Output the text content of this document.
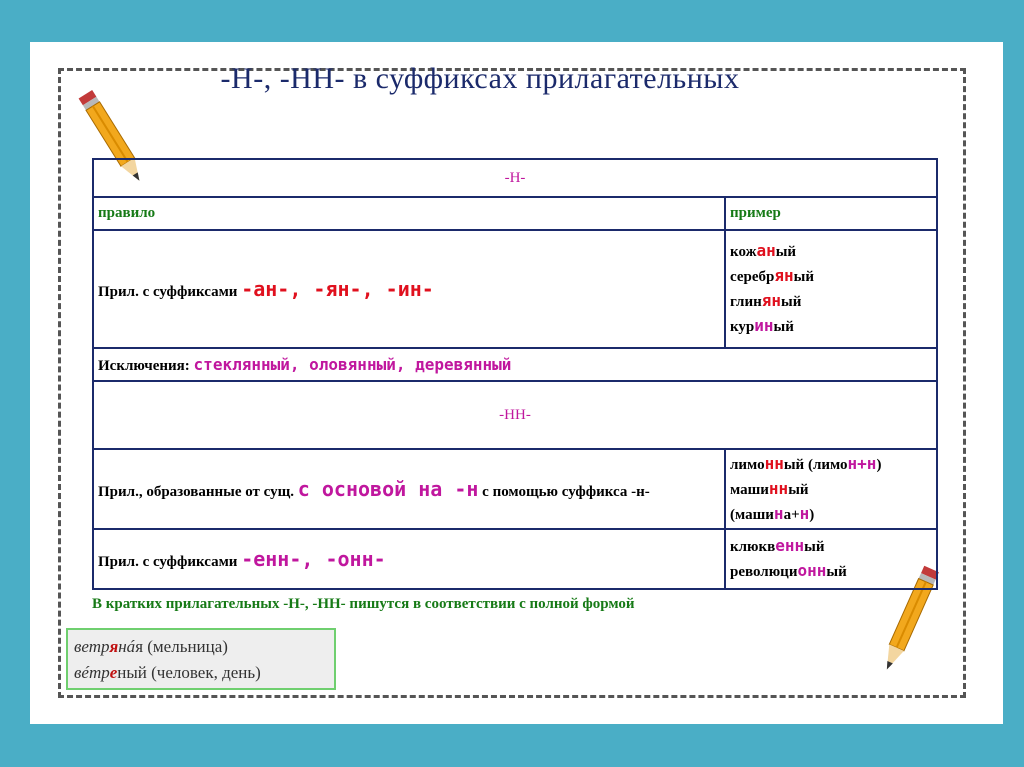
-Н-, -НН- в суффиксах прилагательных
-Н-	
правило	пример
Прил. с суффиксами -ан-, -ян-, -ин-	кожаный
серебряный
глиняный
куриный

Исключения: стеклянный, оловянный, деревянный	
-НН-	
Прил., образованные от сущ. с основой на -н с помощью суффикса -н-	лимонный (лимон+н)
машинный
(машина+н)

Прил. с суффиксами -енн-, -онн-	клюквенный
революционный
В кратких прилагательных -Н-, -НН- пишутся в соответствии с полной формой
ветрянáя (мельница)
вéтреный (человек, день)
